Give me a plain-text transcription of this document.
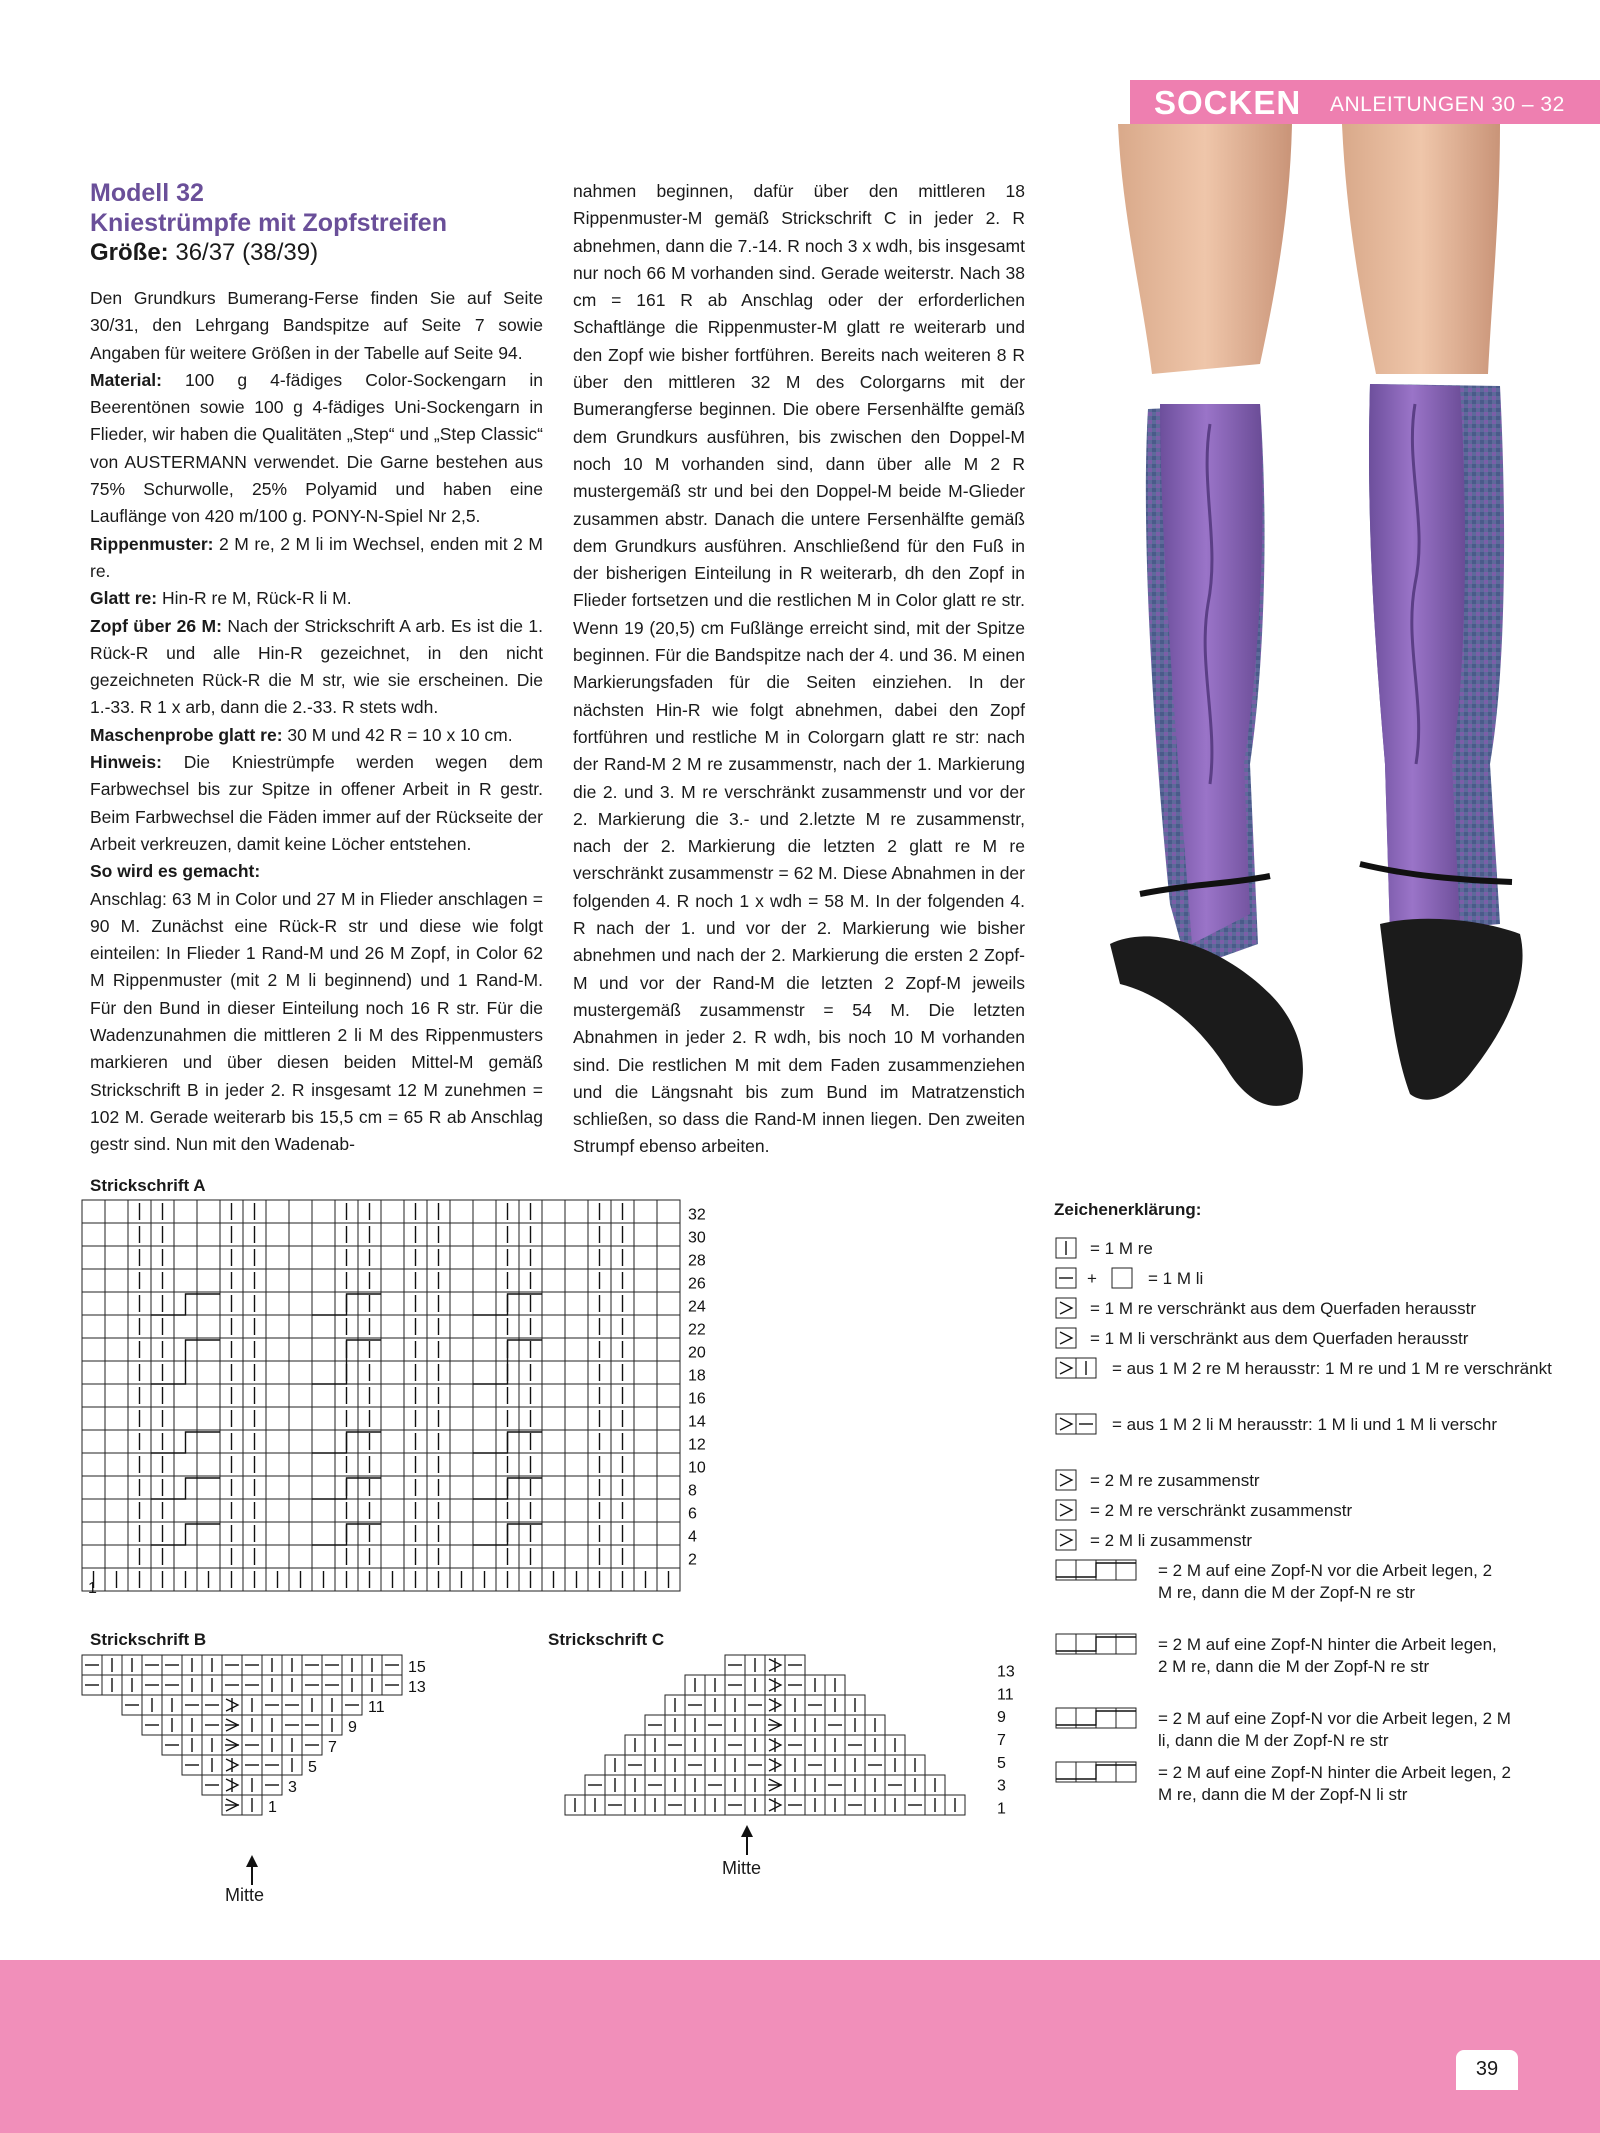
SOCKEN ANLEITUNGEN 30 – 32
Modell 32
Kniestrümpfe mit Zopfstreifen
Größe: 36/37 (38/39)

Den Grundkurs Bumerang-Ferse finden Sie auf Seite 30/31, den Lehrgang Bandspitze auf Seite 7 sowie Angaben für weitere Größen in der Tabelle auf Seite 94.

Material: 100 g 4-fädiges Color-Sockengarn in Beerentönen sowie 100 g 4-fädiges Uni-Sockengarn in Flieder, wir haben die Qualitäten „Step“ und „Step Classic“ von AUSTERMANN verwendet. Die Garne bestehen aus 75% Schurwolle, 25% Polyamid und haben eine Lauflänge von 420 m/100 g. PONY-N-Spiel Nr 2,5.

Rippenmuster: 2 M re, 2 M li im Wechsel, enden mit 2 M re.

Glatt re: Hin-R re M, Rück-R li M.

Zopf über 26 M: Nach der Strickschrift A arb. Es ist die 1. Rück-R und alle Hin-R gezeichnet, in den nicht gezeichneten Rück-R die M str, wie sie erscheinen. Die 1.-33. R 1 x arb, dann die 2.-33. R stets wdh.

Maschenprobe glatt re: 30 M und 42 R = 10 x 10 cm.

Hinweis: Die Kniestrümpfe werden wegen dem Farbwechsel bis zur Spitze in offener Arbeit in R gestr. Beim Farbwechsel die Fäden immer auf der Rückseite der Arbeit verkreuzen, damit keine Löcher entstehen.

So wird es gemacht:

Anschlag: 63 M in Color und 27 M in Flieder anschlagen = 90 M. Zunächst eine Rück-R str und diese wie folgt einteilen: In Flieder 1 Rand-M und 26 M Zopf, in Color 62 M Rippenmuster (mit 2 M li beginnend) und 1 Rand-M. Für den Bund in dieser Einteilung noch 16 R str. Für die Wadenzunahmen die mittleren 2 li M des Rippenmusters markieren und über diesen beiden Mittel-M gemäß Strickschrift B in jeder 2. R insgesamt 12 M zunehmen = 102 M. Gerade weiterarb bis 15,5 cm = 65 R ab Anschlag gestr sind. Nun mit den Wadenab-

nahmen beginnen, dafür über den mittleren 18 Rippenmuster-M gemäß Strickschrift C in jeder 2. R abnehmen, dann die 7.-14. R noch 3 x wdh, bis insgesamt nur noch 66 M vorhanden sind. Gerade weiterstr. Nach 38 cm = 161 R ab Anschlag oder der erforderlichen Schaftlänge die Rippenmuster-M glatt re weiterarb und den Zopf wie bisher fortführen. Bereits nach weiteren 8 R über den mittleren 32 M des Colorgarns mit der Bumerangferse beginnen. Die obere Fersenhälfte gemäß dem Grundkurs ausführen, bis zwischen den Doppel-M noch 10 M vorhanden sind, dann über alle M 2 R mustergemäß str und bei den Doppel-M beide M-Glieder zusammen abstr. Danach die untere Fersenhälfte gemäß dem Grundkurs ausführen. Anschließend für den Fuß in der bisherigen Einteilung in R weiterarb, dh den Zopf in Flieder fortsetzen und die restlichen M in Color glatt re str. Wenn 19 (20,5) cm Fußlänge erreicht sind, mit der Spitze beginnen. Für die Bandspitze nach der 4. und 36. M einen Markierungsfaden für die Seiten einziehen. In der nächsten Hin-R wie folgt abnehmen, dabei den Zopf fortführen und restliche M in Colorgarn glatt re str: nach der Rand-M 2 M re zusammenstr, nach der 1. Markierung die 2. und 3. M re verschränkt zusammenstr und vor der 2. Markierung die 3.- und 2.letzte M re zusammenstr, nach der 2. Markierung die letzten 2 glatt re M re verschränkt zusammenstr = 62 M. Diese Abnahmen in der folgenden 4. R noch 1 x wdh = 58 M. In der folgenden 4. R nach der 1. und vor der 2. Markierung wie bisher abnehmen und nach der 2. Markierung die ersten 2 Zopf-M und vor der Rand-M die letzten 2 Zopf-M jeweils mustergemäß zusammenstr = 54 M. Die letzten Abnahmen in jeder 2. R wdh, bis noch 10 M vorhanden sind. Die restlichen M mit dem Faden zusammenziehen und die Längsnaht bis zum Bund im Matratzenstich schließen, so dass die Rand-M innen liegen. Den zweiten Strumpf ebenso arbeiten.

Strickschrift A
32
30
28
26
24
22
20
18
16
14
12
10
8
6
4
2
1
Strickschrift B
15
13
11
9
7
5
3
1
Mitte
Strickschrift C
13
11
9
7
5
3
1
Mitte
Zeichenerklärung:
= 1 M re
+	= 1 M li
= 1 M re verschränkt aus dem Querfaden herausstr
= 1 M li verschränkt aus dem Querfaden herausstr
= aus 1 M 2 re M herausstr: 1 M re und 1 M re verschränkt
= aus 1 M 2 li M herausstr: 1 M li und 1 M li verschr
= 2 M re zusammenstr
= 2 M re verschränkt zusammenstr
= 2 M li zusammenstr
= 2 M auf eine Zopf-N vor die Arbeit legen, 2 M re, dann die M der Zopf-N re str
= 2 M auf eine Zopf-N hinter die Arbeit legen, 2 M re, dann die M der Zopf-N re str
= 2 M auf eine Zopf-N vor die Arbeit legen, 2 M li, dann die M der Zopf-N re str
= 2 M auf eine Zopf-N hinter die Arbeit legen, 2 M re, dann die M der Zopf-N li str
39
